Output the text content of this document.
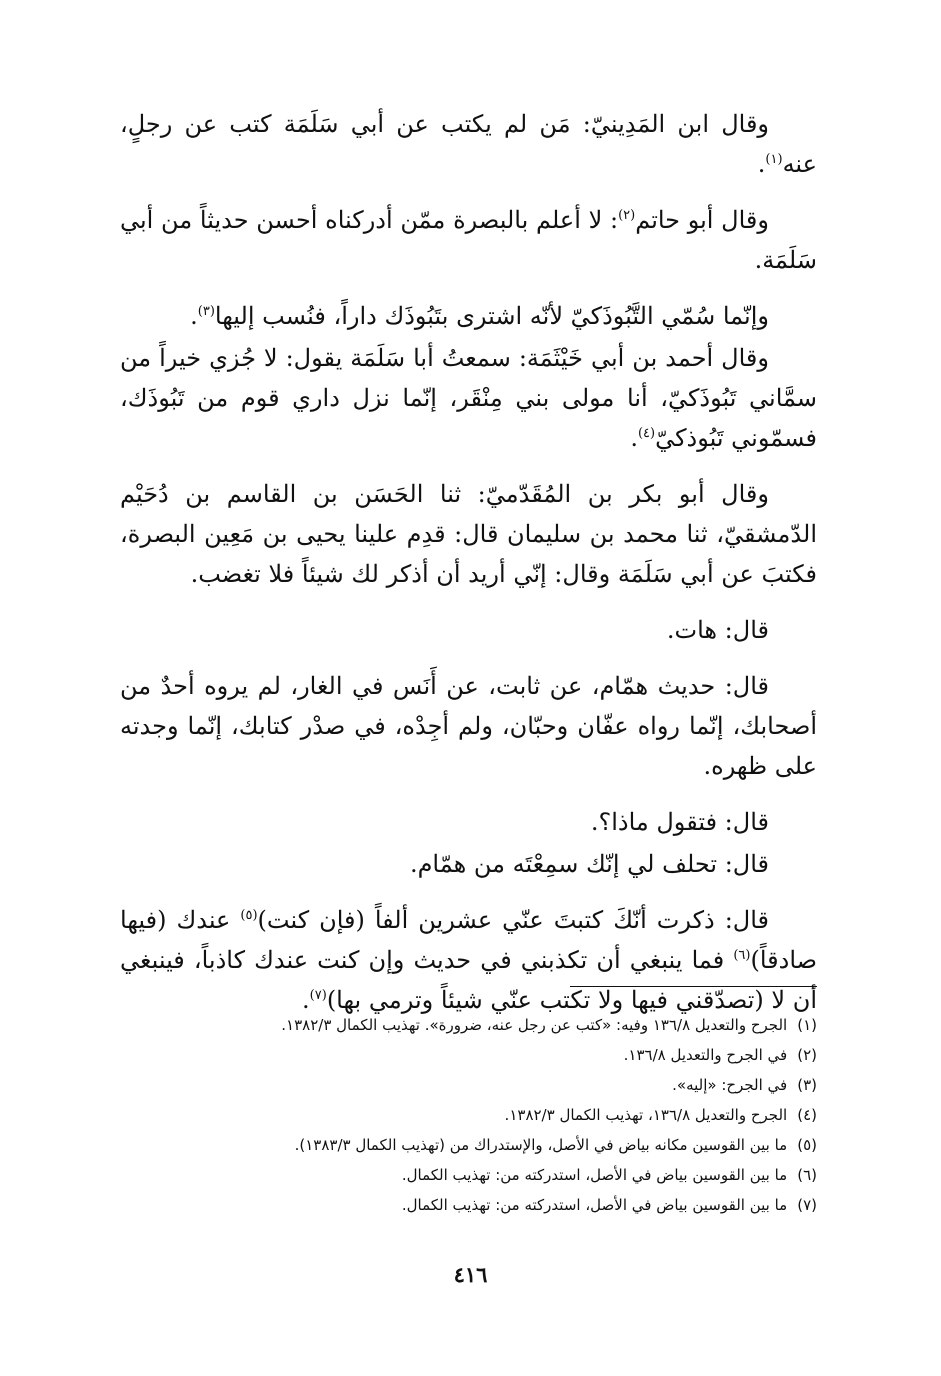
وقال ابن المَدِينيّ: مَن لم يكتب عن أبي سَلَمَة كتب عن رجلٍ، عنه$^{(١)}$.

وقال أبو حاتم$^{(٢)}$: لا أعلم بالبصرة ممّن أدركناه أحسن حديثاً من أبي سَلَمَة.

وإنّما سُمّي التَّبُوذَكيّ لأنّه اشترى بتَبُوذَك داراً، فنُسب إليها$^{(٣)}$.

وقال أحمد بن أبي خَيْثَمَة: سمعتُ أبا سَلَمَة يقول: لا جُزي خيراً من سمَّاني تَبُوذَكيّ، أنا مولى بني مِنْقَر، إنّما نزل داري قوم من تَبُوذَك، فسمّوني تَبُوذكيّ$^{(٤)}$.

وقال أبو بكر بن المُقَدّميّ: ثنا الحَسَن بن القاسم بن دُحَيْم الدّمشقيّ، ثنا محمد بن سليمان قال: قدِم علينا يحيى بن مَعِين البصرة، فكتبَ عن أبي سَلَمَة وقال: إنّي أريد أن أذكر لك شيئاً فلا تغضب.

قال: هات.

قال: حديث همّام، عن ثابت، عن أَنَس في الغار، لم يروه أحدٌ من أصحابك، إنّما رواه عفّان وحبّان، ولم أجِدْه، في صدْر كتابك، إنّما وجدته على ظهره.

قال: فتقول ماذا؟.

قال: تحلف لي إنّك سمِعْتَه من همّام.

قال: ذكرت أنّكَ كتبتَ عنّي عشرين ألفاً (فإن كنت)$^{(٥)}$ عندك (فيها صادقاً)$^{(٦)}$ فما ينبغي أن تكذبني في حديث وإن كنت عندك كاذباً، فينبغي أن لا (تصدّقني فيها ولا تكتب عنّي شيئاً وترمي بها)$^{(٧)}$.

(١)
الجرح والتعديل ١٣٦/٨ وفيه: «كتب عن رجل عنه، ضرورة». تهذيب الكمال ١٣٨٢/٣.
(٢)
في الجرح والتعديل ١٣٦/٨.
(٣)
في الجرح: «إليه».
(٤)
الجرح والتعديل ١٣٦/٨، تهذيب الكمال ١٣٨٢/٣.
(٥)
ما بين القوسين مكانه بياض في الأصل، والإستدراك من (تهذيب الكمال ١٣٨٣/٣).
(٦)
ما بين القوسين بياض في الأصل، استدركته من: تهذيب الكمال.
(٧)
ما بين القوسين بياض في الأصل، استدركته من: تهذيب الكمال.
٤١٦
